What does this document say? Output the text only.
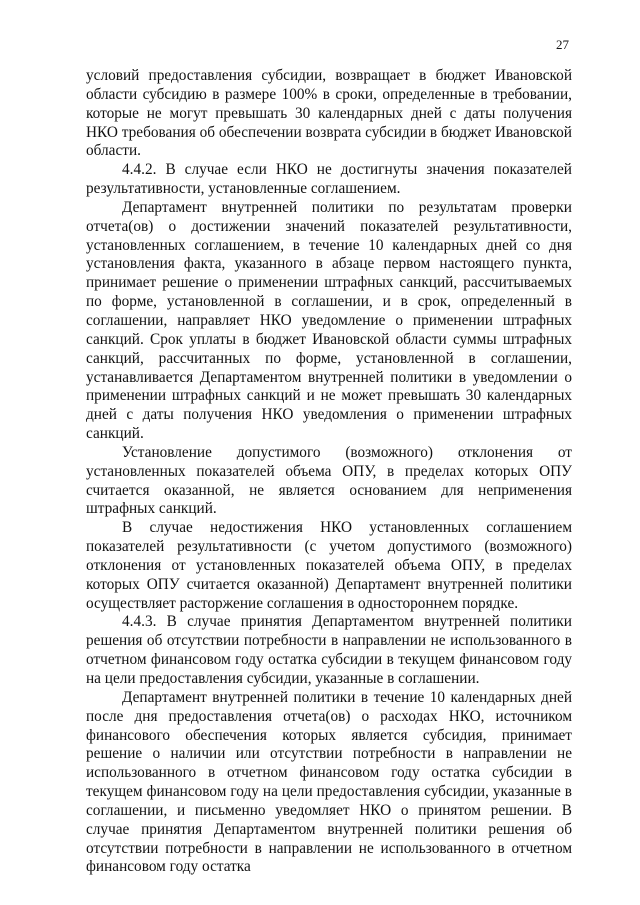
27

условий предоставления субсидии, возвращает в бюджет Ивановской области субсидию в размере 100% в сроки, определенные в требовании, которые не могут превышать 30 календарных дней с даты получения НКО требования об обеспечении возврата субсидии в бюджет Ивановской области.

4.4.2. В случае если НКО не достигнуты значения показателей результативности, установленные соглашением.

Департамент внутренней политики по результатам проверки отчета(ов) о достижении значений показателей результативности, установленных соглашением, в течение 10 календарных дней со дня установления факта, указанного в абзаце первом настоящего пункта, принимает решение о применении штрафных санкций, рассчитываемых по форме, установленной в соглашении, и в срок, определенный в соглашении, направляет НКО уведомление о применении штрафных санкций. Срок уплаты в бюджет Ивановской области суммы штрафных санкций, рассчитанных по форме, установленной в соглашении, устанавливается Департаментом внутренней политики в уведомлении о применении штрафных санкций и не может превышать 30 календарных дней с даты получения НКО уведомления о применении штрафных санкций.

Установление допустимого (возможного) отклонения от установленных показателей объема ОПУ, в пределах которых ОПУ считается оказанной, не является основанием для неприменения штрафных санкций.

В случае недостижения НКО установленных соглашением показателей результативности (с учетом допустимого (возможного) отклонения от установленных показателей объема ОПУ, в пределах которых ОПУ считается оказанной) Департамент внутренней политики осуществляет расторжение соглашения в одностороннем порядке.

4.4.3. В случае принятия Департаментом внутренней политики решения об отсутствии потребности в направлении не использованного в отчетном финансовом году остатка субсидии в текущем финансовом году на цели предоставления субсидии, указанные в соглашении.

Департамент внутренней политики в течение 10 календарных дней после дня предоставления отчета(ов) о расходах НКО, источником финансового обеспечения которых является субсидия, принимает решение о наличии или отсутствии потребности в направлении не использованного в отчетном финансовом году остатка субсидии в текущем финансовом году на цели предоставления субсидии, указанные в соглашении, и письменно уведомляет НКО о принятом решении. В случае принятия Департаментом внутренней политики решения об отсутствии потребности в направлении не использованного в отчетном финансовом году остатка
